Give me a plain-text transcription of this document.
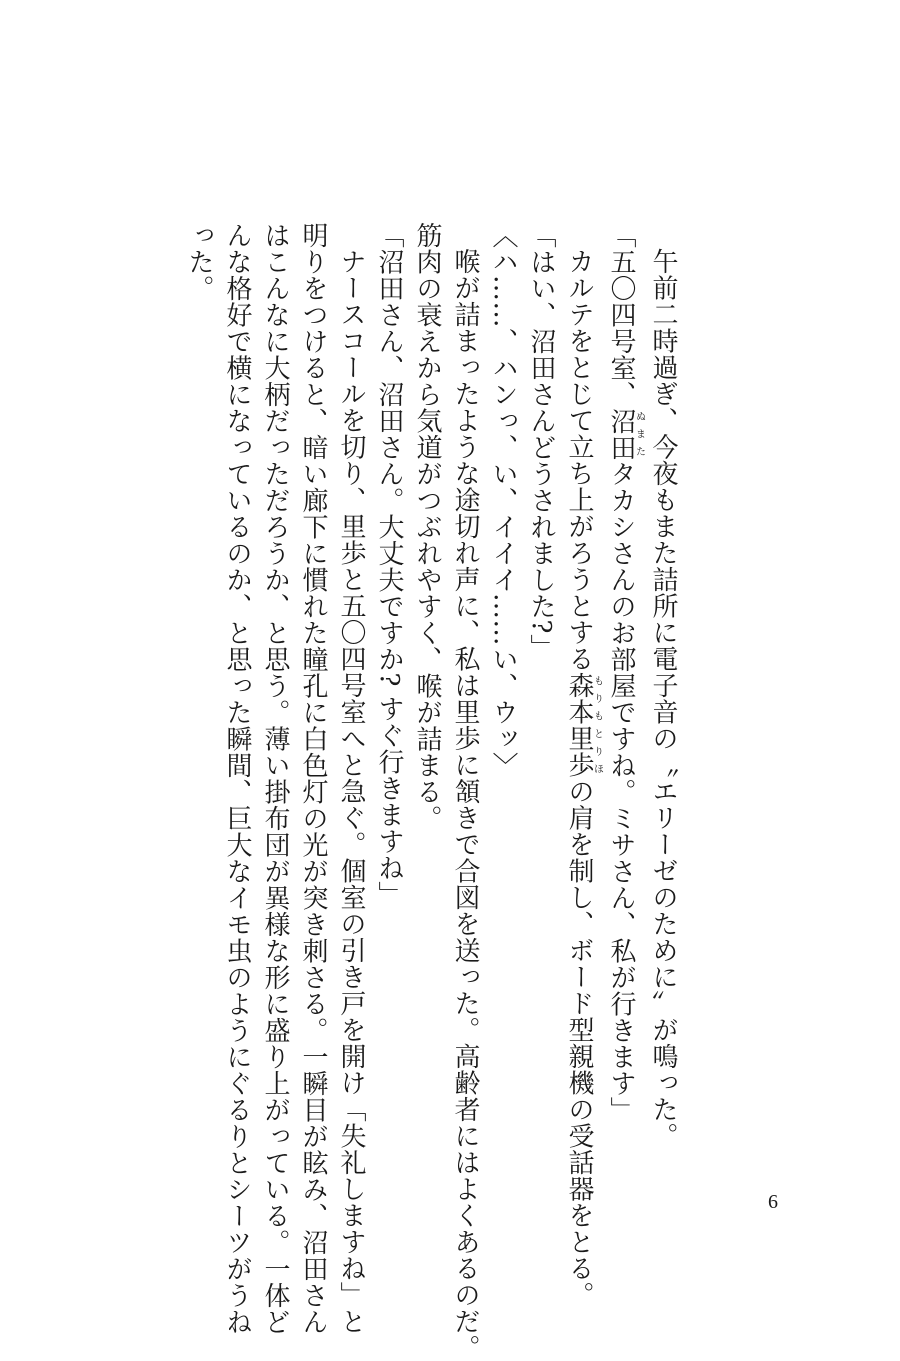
午前二時過ぎ、今夜もまた詰所に電子音の〝エリーゼのために〟が鳴った。
「五〇四号室、沼田ぬまたタカシさんのお部屋ですね。ミサさん、私が行きます」
カルテをとじて立ち上がろうとする森本里歩もりもとりほの肩を制し、ボード型親機の受話器をとる。
「はい、沼田さんどうされました?」
〈ハ……、ハンっ、い、イイイ……い、ウッ〉
喉が詰まったような途切れ声に、私は里歩に頷きで合図を送った。高齢者にはよくあるのだ。
筋肉の衰えから気道がつぶれやすく、喉が詰まる。
「沼田さん、沼田さん。大丈夫ですか? すぐ行きますね」
ナースコールを切り、里歩と五〇四号室へと急ぐ。個室の引き戸を開け「失礼しますね」と
明りをつけると、暗い廊下に慣れた瞳孔に白色灯の光が突き刺さる。一瞬目が眩み、沼田さん
はこんなに大柄だっただろうか、と思う。薄い掛布団が異様な形に盛り上がっている。一体ど
んな格好で横になっているのか、と思った瞬間、巨大なイモ虫のようにぐるりとシーツがうね
った。
6
